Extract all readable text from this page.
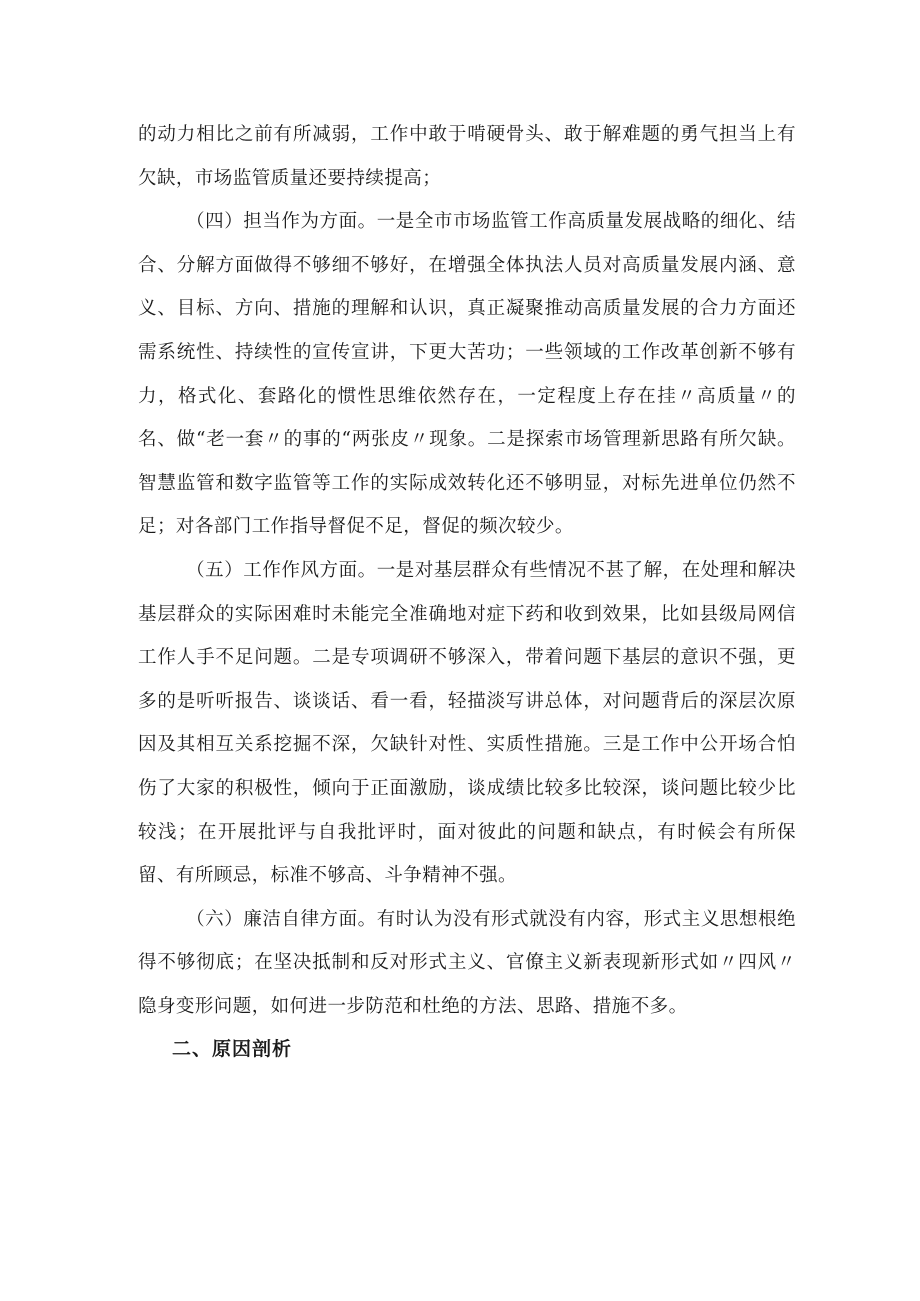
的动力相比之前有所减弱，工作中敢于啃硬骨头、敢于解难题的勇气担当上有欠缺，市场监管质量还要持续提高；

（四）担当作为方面。一是全市市场监管工作高质量发展战略的细化、结合、分解方面做得不够细不够好，在增强全体执法人员对高质量发展内涵、意义、目标、方向、措施的理解和认识，真正凝聚推动高质量发展的合力方面还需系统性、持续性的宣传宣讲，下更大苦功；一些领域的工作改革创新不够有力，格式化、套路化的惯性思维依然存在，一定程度上存在挂〃高质量〃的名、做“老一套〃的事的“两张皮〃现象。二是探索市场管理新思路有所欠缺。智慧监管和数字监管等工作的实际成效转化还不够明显，对标先进单位仍然不足；对各部门工作指导督促不足，督促的频次较少。

（五）工作作风方面。一是对基层群众有些情况不甚了解，在处理和解决基层群众的实际困难时未能完全准确地对症下药和收到效果，比如县级局网信工作人手不足问题。二是专项调研不够深入，带着问题下基层的意识不强，更多的是听听报告、谈谈话、看一看，轻描淡写讲总体，对问题背后的深层次原因及其相互关系挖掘不深，欠缺针对性、实质性措施。三是工作中公开场合怕伤了大家的积极性，倾向于正面激励，谈成绩比较多比较深，谈问题比较少比较浅；在开展批评与自我批评时，面对彼此的问题和缺点，有时候会有所保留、有所顾忌，标准不够高、斗争精神不强。

（六）廉洁自律方面。有时认为没有形式就没有内容，形式主义思想根绝得不够彻底；在坚决抵制和反对形式主义、官僚主义新表现新形式如〃四风〃隐身变形问题，如何进一步防范和杜绝的方法、思路、措施不多。

二、原因剖析
